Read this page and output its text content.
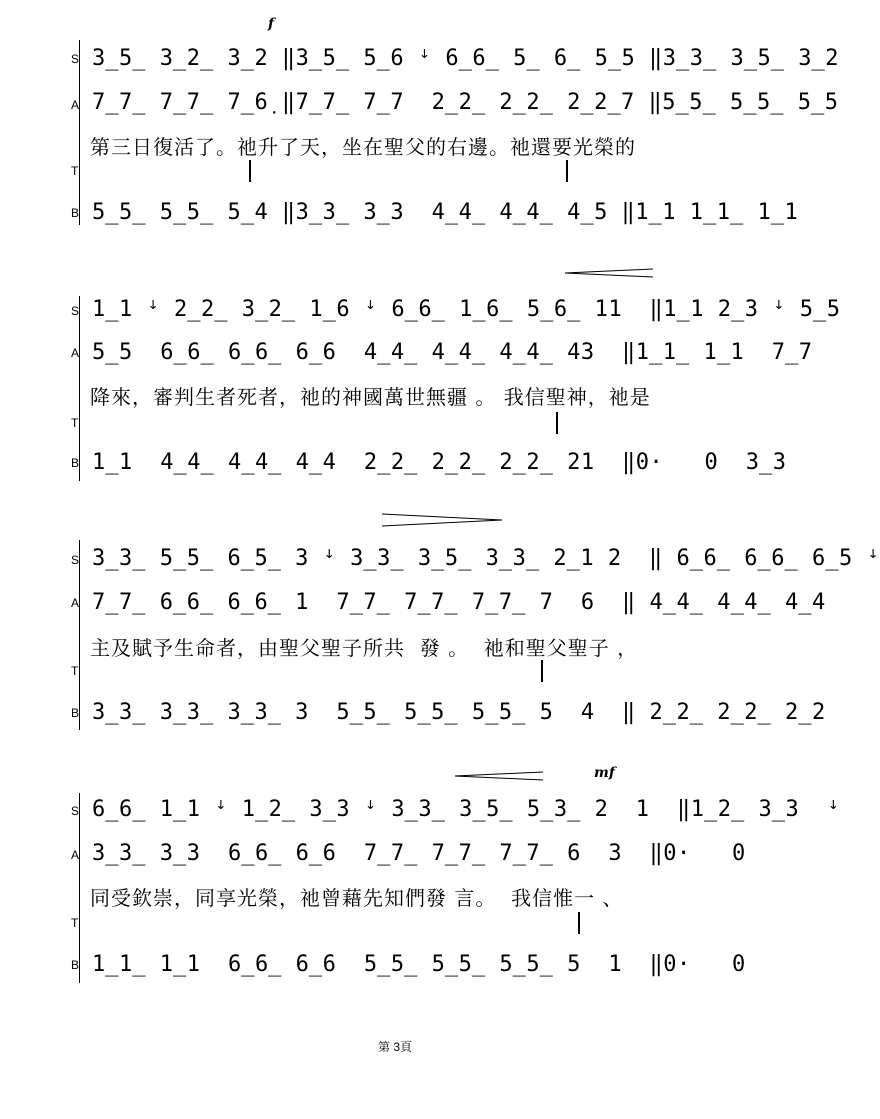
f
S 3̲5̲ 3̲2̲ 3̲2 ‖3̲5̲ 5̲6 ꜜ 6̲6̲ 5̲ 6̲ 5̲5 ‖3̲3̲ 3̲5̲ 3̲2
A 7̲7̲ 7̲7̲ 7̲6̣ ‖7̲7̲ 7̲7  2̲2̲ 2̲2̲ 2̲2̲7 ‖5̲5̲ 5̲5̲ 5̲5
第三日復活了。祂升了天，坐在聖父的右邊。祂還要光榮的
T
B 5̲5̲ 5̲5̲ 5̲4 ‖3̲3̲ 3̲3  4̲4̲ 4̲4̲ 4̲5 ‖1̲1 1̲1̲ 1̲1
S 1̲1 ꜜ 2̲2̲ 3̲2̲ 1̲6 ꜜ 6̲6̲ 1̲6̲ 5̲6̲ 11  ‖1̲1 2̲3 ꜜ 5̲5
A 5̲5  6̲6̲ 6̲6̲ 6̲6  4̲4̲ 4̲4̲ 4̲4̲ 43  ‖1̲1̲ 1̲1  7̲7
降來，審判生者死者，祂的神國萬世無疆 。 我信聖神，祂是
T
B 1̲1  4̲4̲ 4̲4̲ 4̲4  2̲2̲ 2̲2̲ 2̲2̲ 21  ‖0·   0  3̲3
S 3̲3̲ 5̲5̲ 6̲5̲ 3 ꜜ 3̲3̲ 3̲5̲ 3̲3̲ 2̲1 2  ‖ 6̲6̲ 6̲6̲ 6̲5 ꜜ
A 7̲7̲ 6̲6̲ 6̲6̲ 1  7̲7̲ 7̲7̲ 7̲7̲ 7  6  ‖ 4̲4̲ 4̲4̲ 4̲4
主及賦予生命者，由聖父聖子所共  發 。  祂和聖父聖子 ，
T
B 3̲3̲ 3̲3̲ 3̲3̲ 3  5̲5̲ 5̲5̲ 5̲5̲ 5  4  ‖ 2̲2̲ 2̲2̲ 2̲2
mf
S 6̲6̲ 1̲1 ꜜ 1̲2̲ 3̲3 ꜜ 3̲3̲ 3̲5̲ 5̲3̲ 2  1  ‖1̲2̲ 3̲3  ꜜ
A 3̲3̲ 3̲3  6̲6̲ 6̲6  7̲7̲ 7̲7̲ 7̲7̲ 6  3  ‖0·   0
同受欽崇，同享光榮，祂曾藉先知們發 言。  我信惟一 、
T
B 1̲1̲ 1̲1  6̲6̲ 6̲6  5̲5̲ 5̲5̲ 5̲5̲ 5  1  ‖0·   0
第 3頁
